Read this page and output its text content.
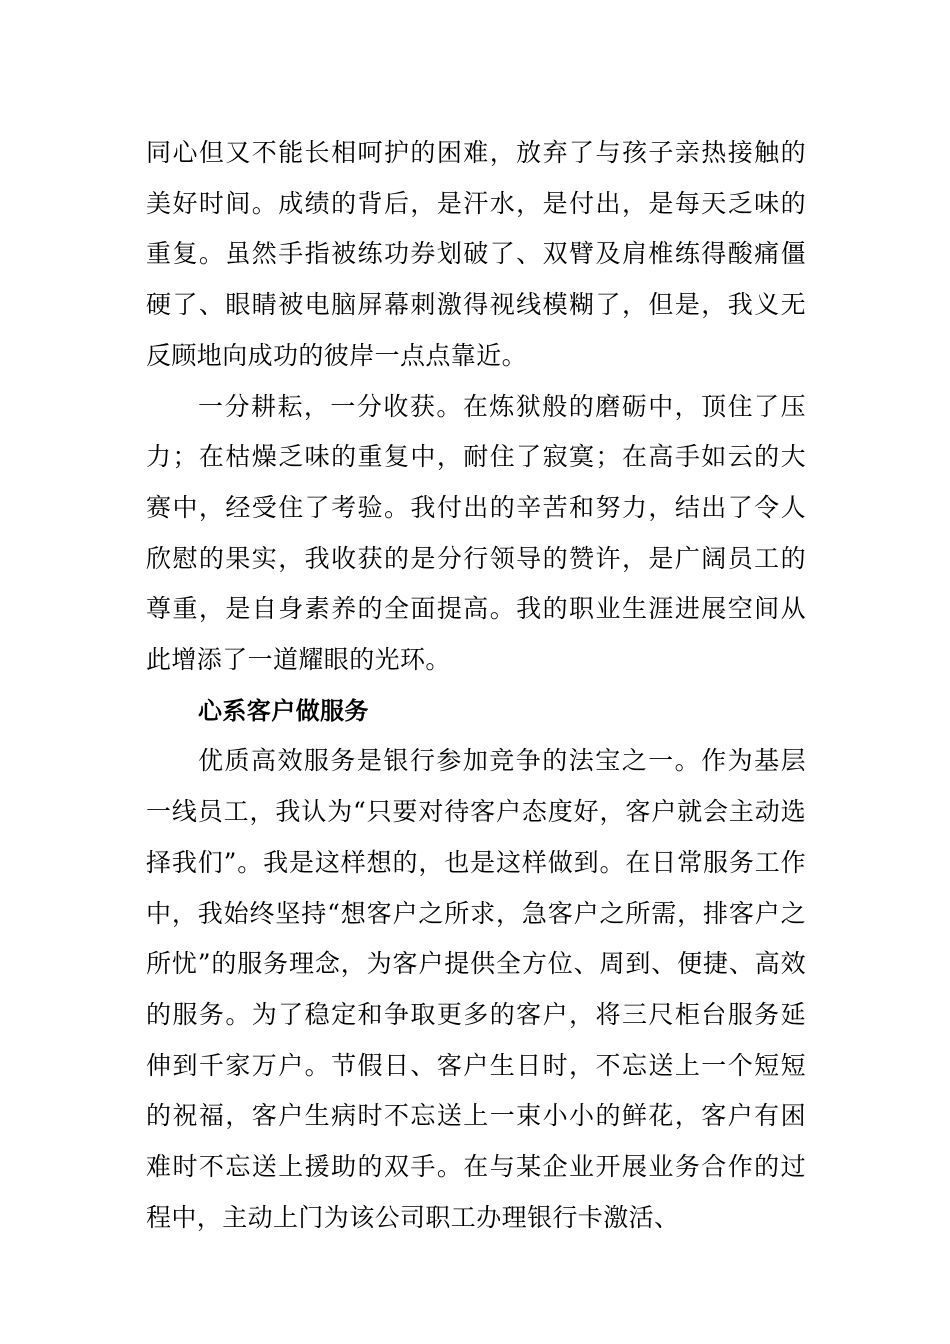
同心但又不能长相呵护的困难，放弃了与孩子亲热接触的美好时间。成绩的背后，是汗水，是付出，是每天乏味的重复。虽然手指被练功券划破了、双臂及肩椎练得酸痛僵硬了、眼睛被电脑屏幕刺激得视线模糊了，但是，我义无反顾地向成功的彼岸一点点靠近。

一分耕耘，一分收获。在炼狱般的磨砺中，顶住了压力；在枯燥乏味的重复中，耐住了寂寞；在高手如云的大赛中，经受住了考验。我付出的辛苦和努力，结出了令人欣慰的果实，我收获的是分行领导的赞许，是广阔员工的尊重，是自身素养的全面提高。我的职业生涯进展空间从此增添了一道耀眼的光环。

心系客户做服务

优质高效服务是银行参加竞争的法宝之一。作为基层一线员工，我认为“只要对待客户态度好，客户就会主动选择我们”。我是这样想的，也是这样做到。在日常服务工作中，我始终坚持“想客户之所求，急客户之所需，排客户之所忧”的服务理念，为客户提供全方位、周到、便捷、高效的服务。为了稳定和争取更多的客户，将三尺柜台服务延伸到千家万户。节假日、客户生日时，不忘送上一个短短的祝福，客户生病时不忘送上一束小小的鲜花，客户有困难时不忘送上援助的双手。在与某企业开展业务合作的过程中，主动上门为该公司职工办理银行卡激活、
